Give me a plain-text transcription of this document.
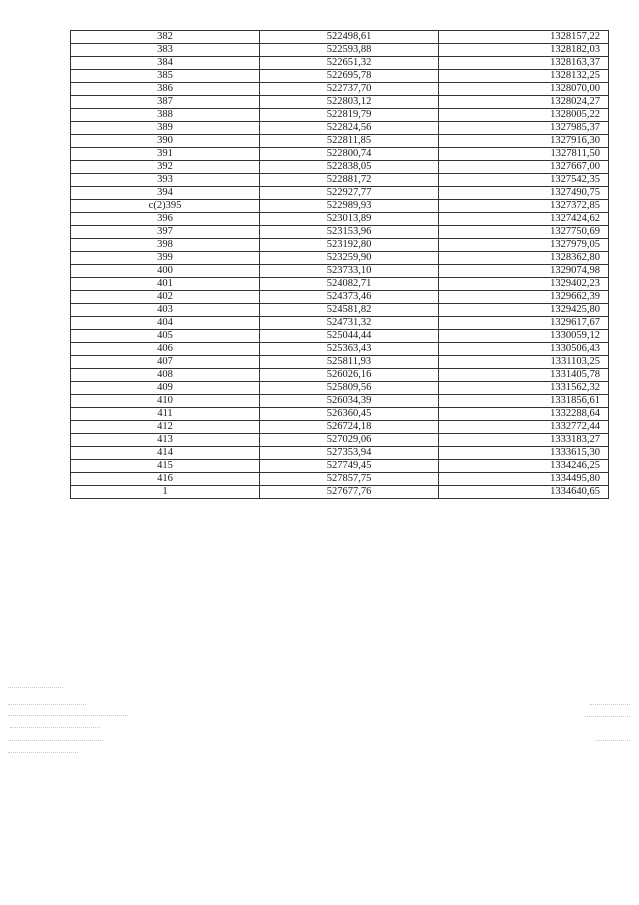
382	522498,61	1328157,22
383	522593,88	1328182,03
384	522651,32	1328163,37
385	522695,78	1328132,25
386	522737,70	1328070,00
387	522803,12	1328024,27
388	522819,79	1328005,22
389	522824,56	1327985,37
390	522811,85	1327916,30
391	522800,74	1327811,50
392	522838,05	1327667,00
393	522881,72	1327542,35
394	522927,77	1327490,75
c(2)395	522989,93	1327372,85
396	523013,89	1327424,62
397	523153,96	1327750,69
398	523192,80	1327979,05
399	523259,90	1328362,80
400	523733,10	1329074,98
401	524082,71	1329402,23
402	524373,46	1329662,39
403	524581,82	1329425,80
404	524731,32	1329617,67
405	525044,44	1330059,12
406	525363,43	1330506,43
407	525811,93	1331103,25
408	526026,16	1331405,78
409	525809,56	1331562,32
410	526034,39	1331856,61
411	526360,45	1332288,64
412	526724,18	1332772,44
413	527029,06	1333183,27
414	527353,94	1333615,30
415	527749,45	1334246,25
416	527857,75	1334495,80
1	527677,76	1334640,65
